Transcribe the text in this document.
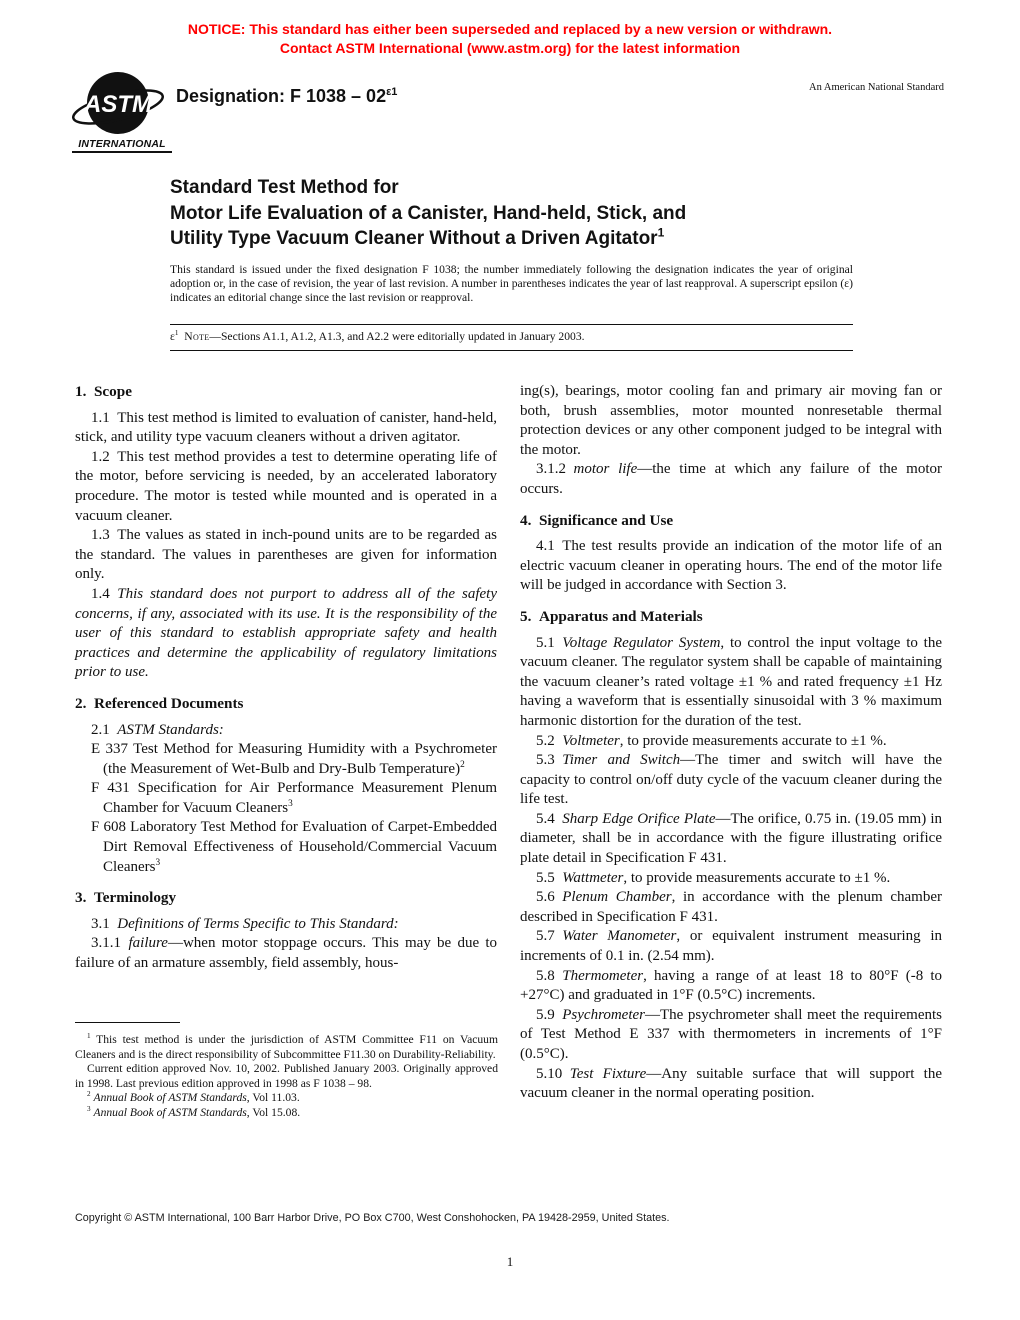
NOTICE: This standard has either been superseded and replaced by a new version or withdrawn.
Contact ASTM International (www.astm.org) for the latest information
ASTM
INTERNATIONAL
Designation: F $1038 - 02^{\varepsilon 1}$	An American National Standard
Standard Test Method for
Motor Life Evaluation of a Canister, Hand-held, Stick, and
Utility Type Vacuum Cleaner Without a Driven Agitator$^1$

This standard is issued under the fixed designation F 1038; the number immediately following the designation indicates the year of original adoption or, in the case of revision, the year of last revision. A number in parentheses indicates the year of last reapproval. A superscript epsilon (ε) indicates an editorial change since the last revision or reapproval.

$\varepsilon^1$ Note—Sections A1.1, A1.2, A1.3, and A2.2 were editorially updated in January 2003.
1. Scope

1.1 This test method is limited to evaluation of canister, hand-held, stick, and utility type vacuum cleaners without a driven agitator.

1.2 This test method provides a test to determine operating life of the motor, before servicing is needed, by an accelerated laboratory procedure. The motor is tested while mounted and is operated in a vacuum cleaner.

1.3 The values as stated in inch-pound units are to be regarded as the standard. The values in parentheses are given for information only.

1.4 This standard does not purport to address all of the safety concerns, if any, associated with its use. It is the responsibility of the user of this standard to establish appropriate safety and health practices and determine the applicability of regulatory limitations prior to use.

2. Referenced Documents

2.1 ASTM Standards:

E 337 Test Method for Measuring Humidity with a Psychrometer (the Measurement of Wet-Bulb and Dry-Bulb Temperature)$^2$

F 431 Specification for Air Performance Measurement Plenum Chamber for Vacuum Cleaners$^3$

F 608 Laboratory Test Method for Evaluation of Carpet-Embedded Dirt Removal Effectiveness of Household/Commercial Vacuum Cleaners$^3$

3. Terminology

3.1 Definitions of Terms Specific to This Standard:

3.1.1 failure—when motor stoppage occurs. This may be due to failure of an armature assembly, field assembly, hous-

ing(s), bearings, motor cooling fan and primary air moving fan or both, brush assemblies, motor mounted nonresetable thermal protection devices or any other component judged to be integral with the motor.

3.1.2 motor life—the time at which any failure of the motor occurs.

4. Significance and Use

4.1 The test results provide an indication of the motor life of an electric vacuum cleaner in operating hours. The end of the motor life will be judged in accordance with Section 3.

5. Apparatus and Materials

5.1 Voltage Regulator System, to control the input voltage to the vacuum cleaner. The regulator system shall be capable of maintaining the vacuum cleaner’s rated voltage ±1 % and rated frequency ±1 Hz having a waveform that is essentially sinusoidal with 3 % maximum harmonic distortion for the duration of the test.

5.2 Voltmeter, to provide measurements accurate to ±1 %.

5.3 Timer and Switch—The timer and switch will have the capacity to control on/off duty cycle of the vacuum cleaner during the life test.

5.4 Sharp Edge Orifice Plate—The orifice, 0.75 in. (19.05 mm) in diameter, shall be in accordance with the figure illustrating orifice plate detail in Specification F 431.

5.5 Wattmeter, to provide measurements accurate to ±1 %.

5.6 Plenum Chamber, in accordance with the plenum chamber described in Specification F 431.

5.7 Water Manometer, or equivalent instrument measuring in increments of 0.1 in. (2.54 mm).

5.8 Thermometer, having a range of at least 18 to 80°F (-8 to +27°C) and graduated in 1°F (0.5°C) increments.

5.9 Psychrometer—The psychrometer shall meet the requirements of Test Method E 337 with thermometers in increments of 1°F (0.5°C).

5.10 Test Fixture—Any suitable surface that will support the vacuum cleaner in the normal operating position.

$^1$ This test method is under the jurisdiction of ASTM Committee F11 on Vacuum Cleaners and is the direct responsibility of Subcommittee F11.30 on Durability-Reliability.

Current edition approved Nov. 10, 2002. Published January 2003. Originally approved in 1998. Last previous edition approved in 1998 as F 1038 – 98.

$^2$ Annual Book of ASTM Standards, Vol 11.03.

$^3$ Annual Book of ASTM Standards, Vol 15.08.

Copyright © ASTM International, 100 Barr Harbor Drive, PO Box C700, West Conshohocken, PA 19428-2959, United States.
1
